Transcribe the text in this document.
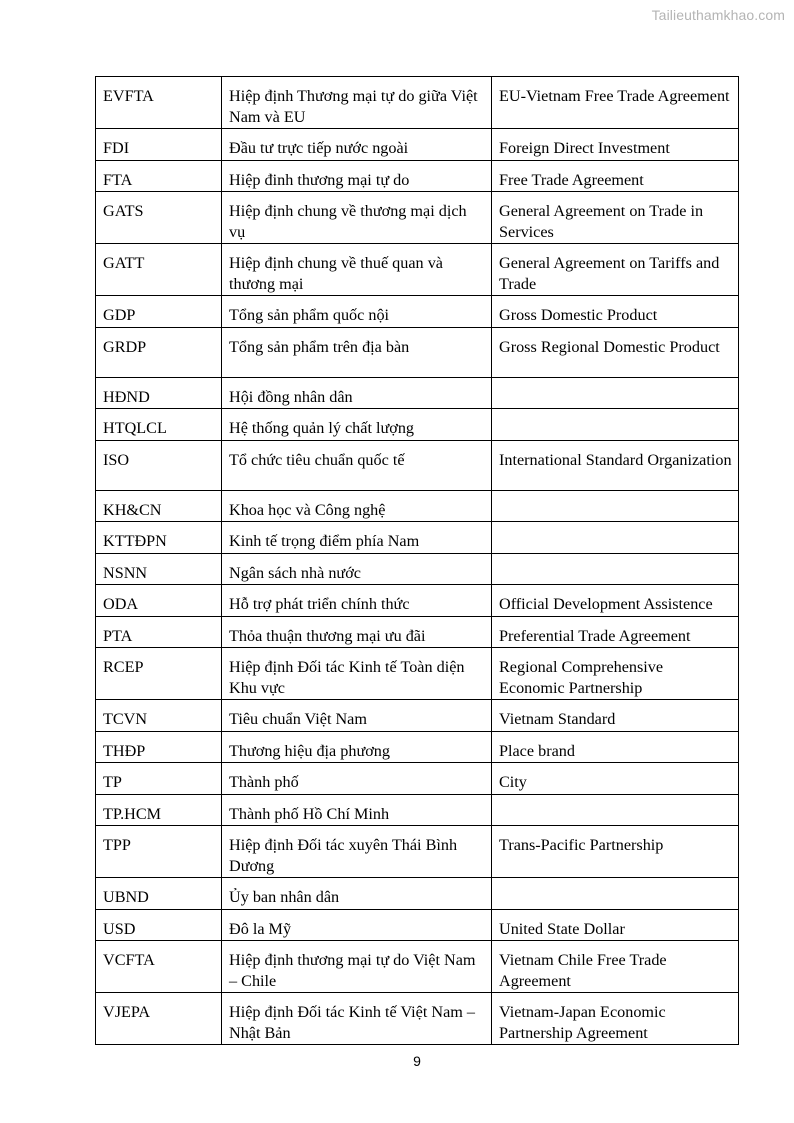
Tailieuthamkhao.com
EVFTA	Hiệp định Thương mại tự do giữa Việt Nam và EU	EU-Vietnam Free Trade Agreement
FDI	Đầu tư trực tiếp nước ngoài	Foreign Direct Investment
FTA	Hiệp đinh thương mại tự do	Free Trade Agreement
GATS	Hiệp định chung về thương mại dịch vụ	General Agreement on Trade in Services
GATT	Hiệp định chung về thuế quan và thương mại	General Agreement on Tariffs and Trade
GDP	Tổng sản phẩm quốc nội	Gross Domestic Product
GRDP	Tổng sản phẩm trên địa bàn	Gross Regional Domestic Product
HĐND	Hội đồng nhân dân	
HTQLCL	Hệ thống quản lý chất lượng	
ISO	Tổ chức tiêu chuẩn quốc tế	International Standard Organization
KH&CN	Khoa học và Công nghệ	
KTTĐPN	Kinh tế trọng điểm phía Nam	
NSNN	Ngân sách nhà nước	
ODA	Hỗ trợ phát triển chính thức	Official Development Assistence
PTA	Thỏa thuận thương mại ưu đãi	Preferential Trade Agreement
RCEP	Hiệp định Đối tác Kinh tế Toàn diện Khu vực	Regional Comprehensive Economic Partnership
TCVN	Tiêu chuẩn Việt Nam	Vietnam Standard
THĐP	Thương hiệu địa phương	Place brand
TP	Thành phố	City
TP.HCM	Thành phố Hồ Chí Minh	
TPP	Hiệp định Đối tác xuyên Thái Bình Dương	Trans-Pacific Partnership
UBND	Ủy ban nhân dân	
USD	Đô la Mỹ	United State Dollar
VCFTA	Hiệp định thương mại tự do Việt Nam – Chile	Vietnam Chile Free Trade Agreement
VJEPA	Hiệp định Đối tác Kinh tế Việt Nam – Nhật Bản	Vietnam-Japan Economic Partnership Agreement
9
